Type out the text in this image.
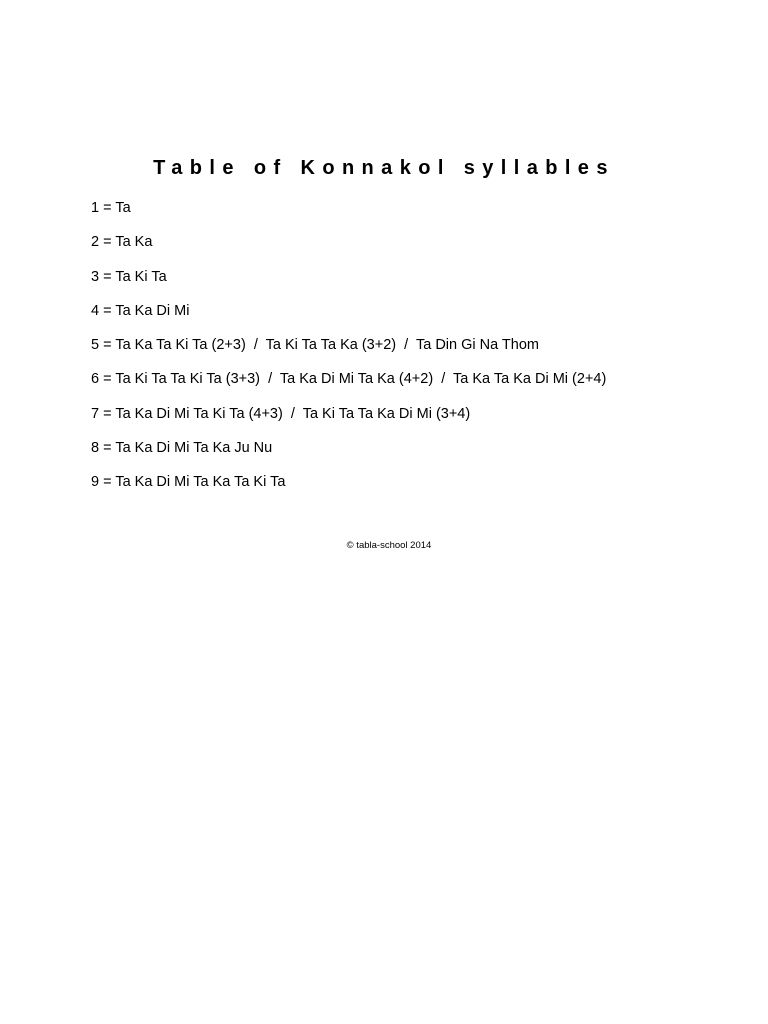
Table of Konnakol syllables
1 = Ta
2 = Ta Ka
3 = Ta Ki Ta
4 = Ta Ka Di Mi
5 = Ta Ka Ta Ki Ta (2+3)  /  Ta Ki Ta Ta Ka (3+2)  /  Ta Din Gi Na Thom
6 = Ta Ki Ta Ta Ki Ta (3+3)  /  Ta Ka Di Mi Ta Ka (4+2)  /  Ta Ka Ta Ka Di Mi (2+4)
7 = Ta Ka Di Mi Ta Ki Ta (4+3)  /  Ta Ki Ta Ta Ka Di Mi (3+4)
8 = Ta Ka Di Mi Ta Ka Ju Nu
9 = Ta Ka Di Mi Ta Ka Ta Ki Ta
© tabla-school 2014
